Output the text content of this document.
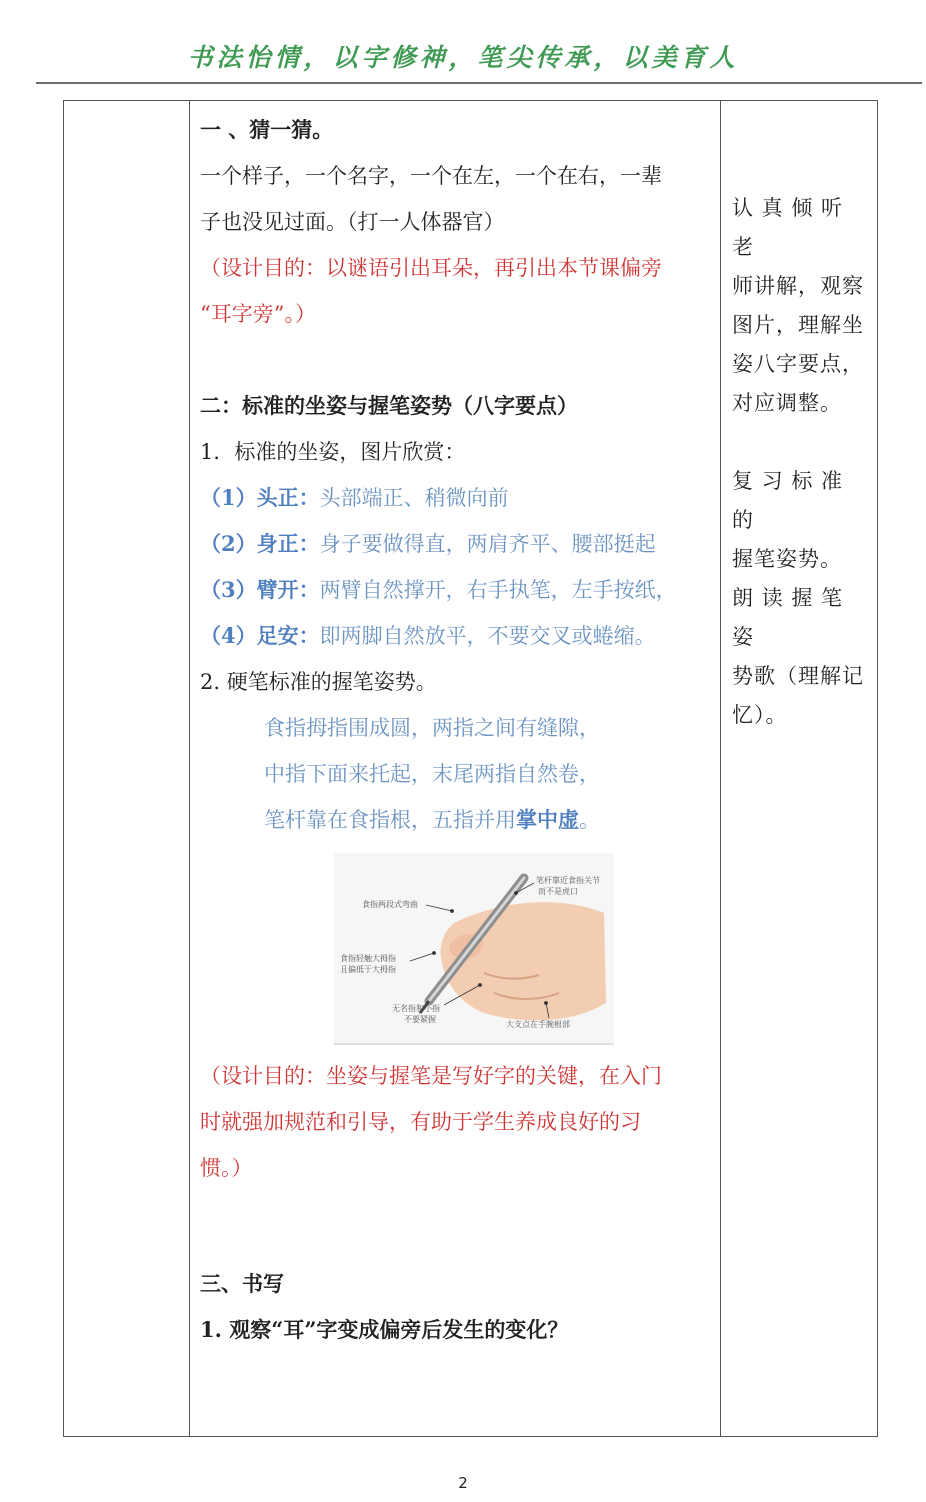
书法怡情，以字修神，笔尖传承，以美育人

一 、猜一猜。

一个样子，一个名字，一个在左，一个在右，一辈

子也没见过面。（打一人体器官）

（设计目的：以谜语引出耳朵，再引出本节课偏旁

“耳字旁”。）

二：标准的坐姿与握笔姿势（八字要点）

1．标准的坐姿，图片欣赏：

（1）头正：头部端正、稍微向前

（2）身正：身子要做得直，两肩齐平、腰部挺起

（3）臂开：两臂自然撑开，右手执笔，左手按纸，

（4）足安：即两脚自然放平，不要交叉或蜷缩。

2. 硬笔标准的握笔姿势。

食指拇指围成圆，两指之间有缝隙，

中指下面来托起，末尾两指自然卷，

笔杆靠在食指根，五指并用掌中虚。

食指两段式弯曲
食指轻触大拇指
且偏低于大拇指
无名指和小指
不要紧握
笔杆靠近食指关节
而不是虎口
大支点在手腕根部

（设计目的：坐姿与握笔是写好字的关键，在入门

时就强加规范和引导，有助于学生养成良好的习

惯。）

三、书写

1. 观察“耳”字变成偏旁后发生的变化？

认 真 倾 听 老
师讲解，观察
图片，理解坐
姿八字要点，
对应调整。
复 习 标 准 的
握笔姿势。
朗 读 握 笔 姿
势歌（理解记
忆）。
2
